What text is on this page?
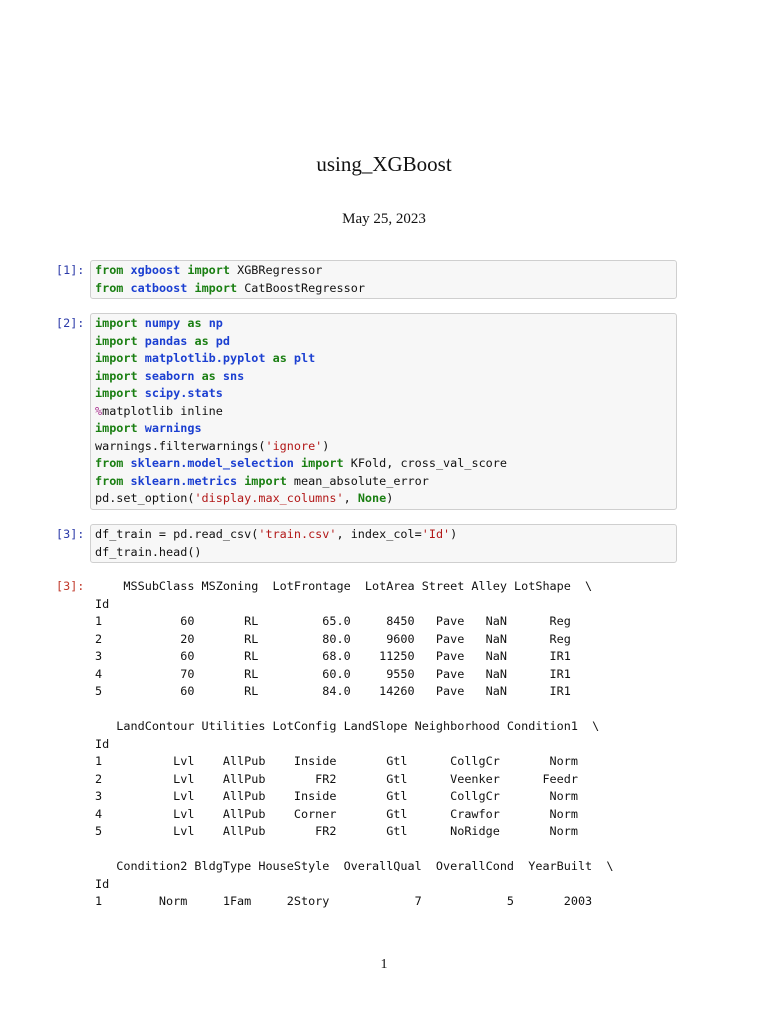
using_XGBoost
May 25, 2023
[1]: from xgboost import XGBRegressor
from catboost import CatBoostRegressor
[2]: import numpy as np
import pandas as pd
import matplotlib.pyplot as plt
import seaborn as sns
import scipy.stats
%matplotlib inline
import warnings
warnings.filterwarnings('ignore')
from sklearn.model_selection import KFold, cross_val_score
from sklearn.metrics import mean_absolute_error
pd.set_option('display.max_columns', None)
[3]: df_train = pd.read_csv('train.csv', index_col='Id')
df_train.head()
[3]: MSSubClass MSZoning  LotFrontage  LotArea Street Alley LotShape  \
Id
1           60       RL         65.0     8450   Pave   NaN      Reg
2           20       RL         80.0     9600   Pave   NaN      Reg
3           60       RL         68.0    11250   Pave   NaN      IR1
4           70       RL         60.0     9550   Pave   NaN      IR1
5           60       RL         84.0    14260   Pave   NaN      IR1

LandContour Utilities LotConfig LandSlope Neighborhood Condition1  \
Id
1          Lvl    AllPub    Inside       Gtl      CollgCr       Norm
2          Lvl    AllPub       FR2       Gtl      Veenker      Feedr
3          Lvl    AllPub    Inside       Gtl      CollgCr       Norm
4          Lvl    AllPub    Corner       Gtl      Crawfor       Norm
5          Lvl    AllPub       FR2       Gtl      NoRidge       Norm

Condition2 BldgType HouseStyle  OverallQual  OverallCond  YearBuilt  \
Id
1        Norm     1Fam     2Story            7            5       2003
1
